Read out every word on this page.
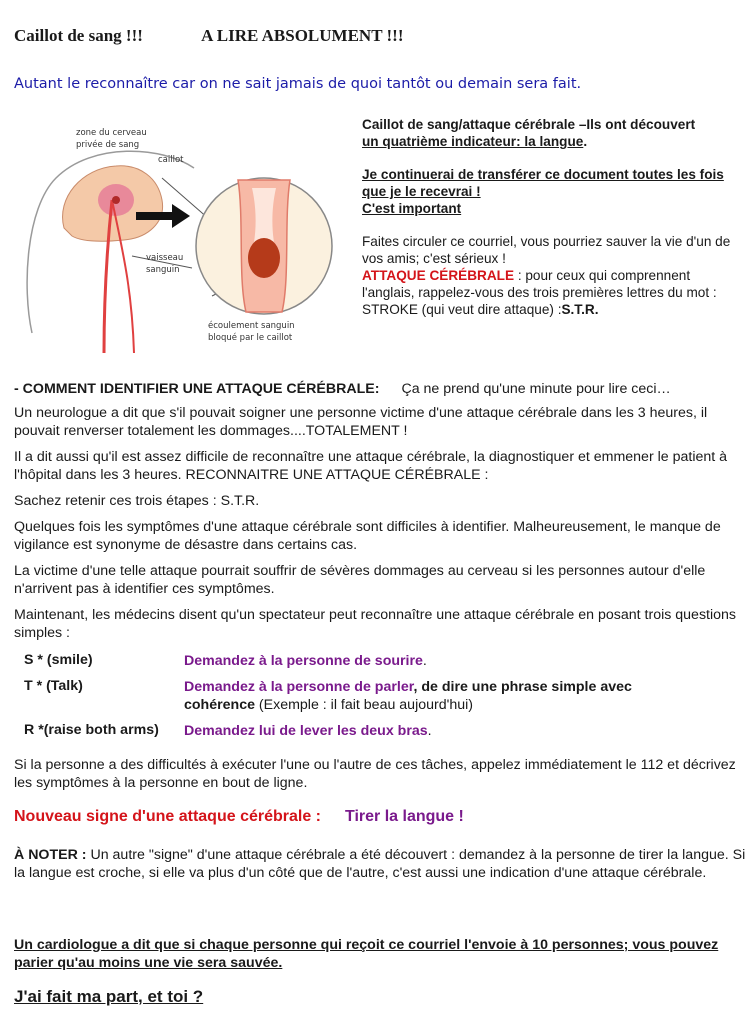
Caillot de sang !!!	A LIRE ABSOLUMENT !!!
Autant le reconnaître car on ne sait jamais de quoi tantôt ou demain sera fait.
zone du cerveau
privée de sang
caillot
vaisseau
sanguin
écoulement sanguin
bloqué par le caillot

Caillot de sang/attaque cérébrale –Ils ont découvert
un quatrième indicateur: la langue.

Je continuerai de transférer ce document toutes les fois que je le recevrai !
C'est important

Faites circuler ce courriel, vous pourriez sauver la vie d'un de vos amis; c'est sérieux !

ATTAQUE CÉRÉBRALE : pour ceux qui comprennent l'anglais, rappelez-vous des trois premières lettres du mot : STROKE (qui veut dire attaque) :S.T.R.

- COMMENT IDENTIFIER UNE ATTAQUE CÉRÉBRALE: Ça ne prend qu'une minute pour lire ceci…
Un neurologue a dit que s'il pouvait soigner une personne victime d'une attaque cérébrale dans les 3 heures, il pouvait renverser totalement les dommages....TOTALEMENT !
Il a dit aussi qu'il est assez difficile de reconnaître une attaque cérébrale, la diagnostiquer et emmener le patient à l'hôpital dans les 3 heures. RECONNAITRE UNE ATTAQUE CÉRÉBRALE :
Sachez retenir ces trois étapes : S.T.R.
Quelques fois les symptômes d'une attaque cérébrale sont difficiles à identifier. Malheureusement, le manque de vigilance est synonyme de désastre dans certains cas.
La victime d'une telle attaque pourrait souffrir de sévères dommages au cerveau si les personnes autour d'elle n'arrivent pas à identifier ces symptômes.
Maintenant, les médecins disent qu'un spectateur peut reconnaître une attaque cérébrale en posant trois questions simples :
S * (smile)	Demandez à la personne de sourire.
T * (Talk)	Demandez à la personne de parler, de dire une phrase simple avec cohérence (Exemple : il fait beau aujourd'hui)
R *(raise both arms) Demandez lui de lever les deux bras.
Si la personne a des difficultés à exécuter l'une ou l'autre de ces tâches, appelez immédiatement le 112 et décrivez les symptômes à la personne en bout de ligne.
Nouveau signe d'une attaque cérébrale : Tirer la langue !
À NOTER : Un autre "signe" d'une attaque cérébrale a été découvert : demandez à la personne de tirer la langue. Si la langue est croche, si elle va plus d'un côté que de l'autre, c'est aussi une indication d'une attaque cérébrale.
Un cardiologue a dit que si chaque personne qui reçoit ce courriel l'envoie à 10 personnes; vous pouvez parier qu'au moins une vie sera sauvée.
J'ai fait ma part, et toi ?
